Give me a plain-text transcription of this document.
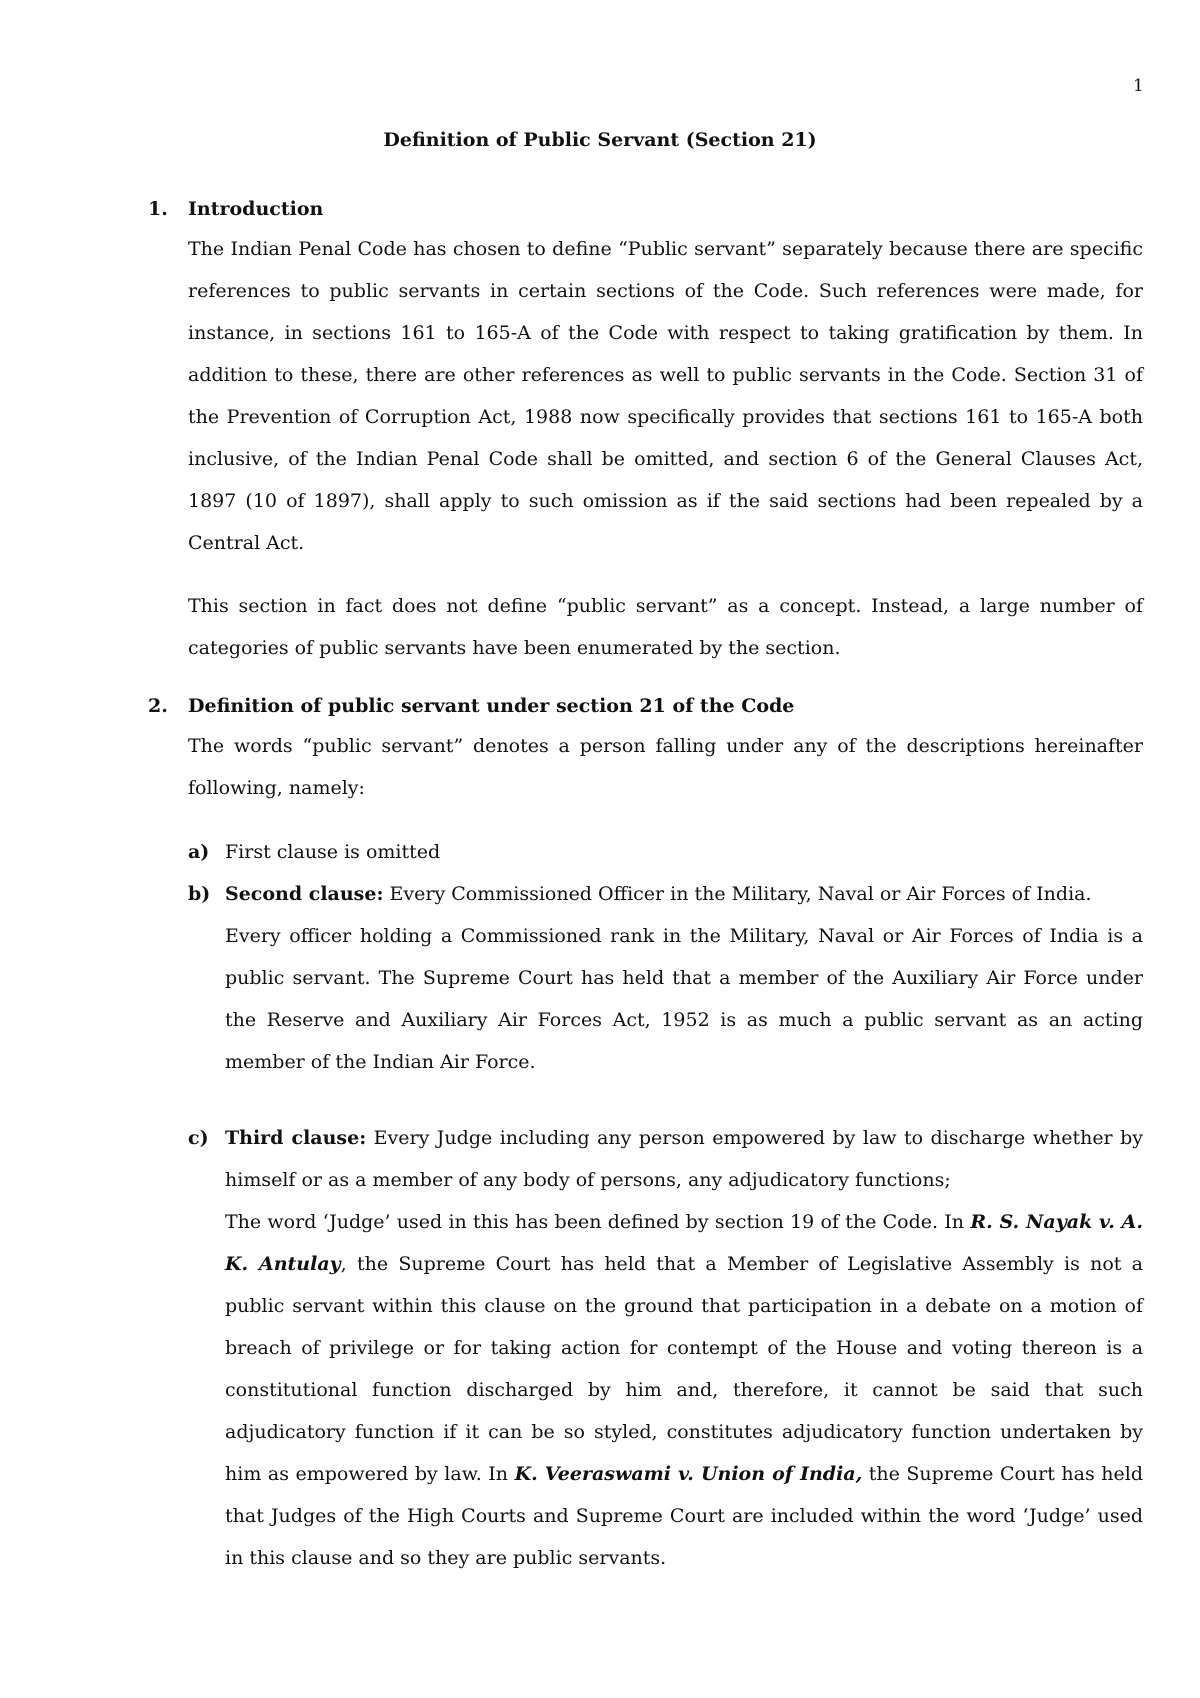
1
Definition of Public Servant (Section 21)
1. Introduction
The Indian Penal Code has chosen to define “Public servant” separately because there are specific references to public servants in certain sections of the Code. Such references were made, for instance, in sections 161 to 165-A of the Code with respect to taking gratification by them. In addition to these, there are other references as well to public servants in the Code. Section 31 of the Prevention of Corruption Act, 1988 now specifically provides that sections 161 to 165-A both inclusive, of the Indian Penal Code shall be omitted, and section 6 of the General Clauses Act, 1897 (10 of 1897), shall apply to such omission as if the said sections had been repealed by a Central Act.
This section in fact does not define “public servant” as a concept. Instead, a large number of categories of public servants have been enumerated by the section.
2. Definition of public servant under section 21 of the Code
The words “public servant” denotes a person falling under any of the descriptions hereinafter following, namely:
a) First clause is omitted
b) Second clause: Every Commissioned Officer in the Military, Naval or Air Forces of India.
Every officer holding a Commissioned rank in the Military, Naval or Air Forces of India is a public servant. The Supreme Court has held that a member of the Auxiliary Air Force under the Reserve and Auxiliary Air Forces Act, 1952 is as much a public servant as an acting member of the Indian Air Force.
c) Third clause: Every Judge including any person empowered by law to discharge whether by himself or as a member of any body of persons, any adjudicatory functions;
The word ‘Judge’ used in this has been defined by section 19 of the Code. In R. S. Nayak v. A. K. Antulay, the Supreme Court has held that a Member of Legislative Assembly is not a public servant within this clause on the ground that participation in a debate on a motion of breach of privilege or for taking action for contempt of the House and voting thereon is a constitutional function discharged by him and, therefore, it cannot be said that such adjudicatory function if it can be so styled, constitutes adjudicatory function undertaken by him as empowered by law. In K. Veeraswami v. Union of India, the Supreme Court has held that Judges of the High Courts and Supreme Court are included within the word ‘Judge’ used in this clause and so they are public servants.
